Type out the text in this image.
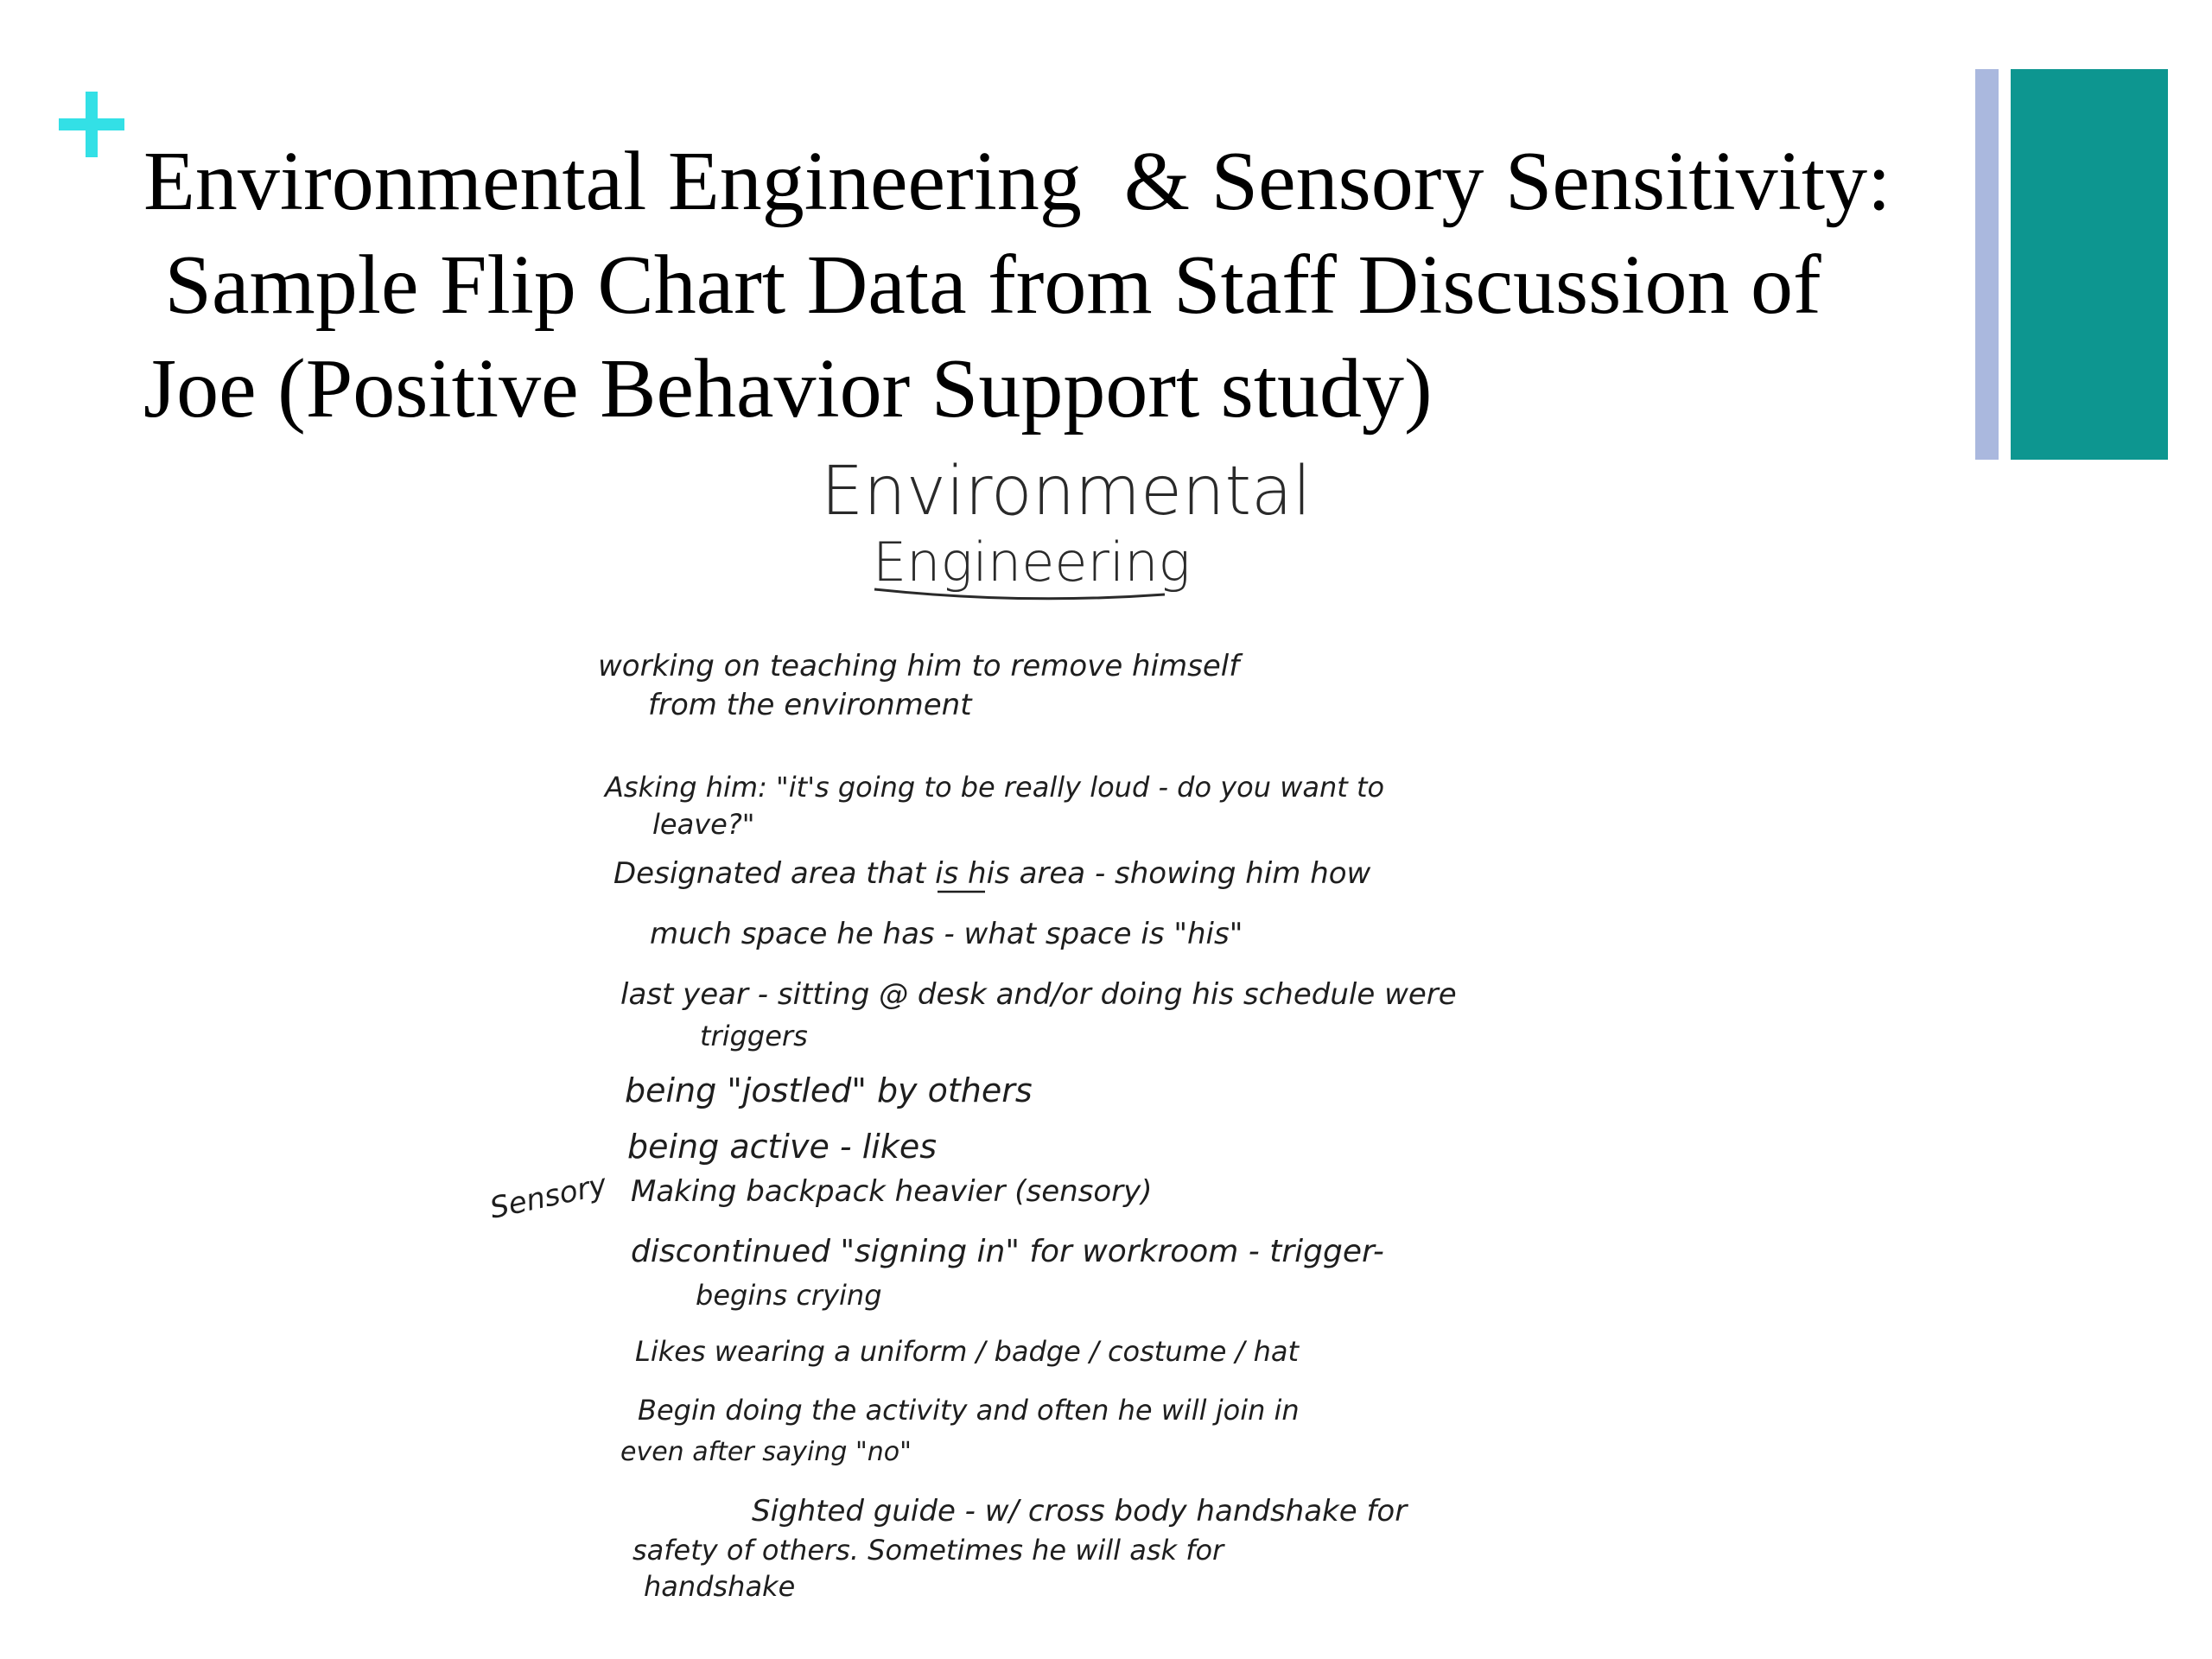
Environmental Engineering  & Sensory Sensitivity:
Sample Flip Chart Data from Staff Discussion of
Joe (Positive Behavior Support study)
Environmental
Engineering
Sensory
working on teaching him to remove himself
from the environment
Asking him: "it's going to be really loud - do you want to
leave?"
Designated area that is his area - showing him how
much space he has - what space is "his"
last year - sitting @ desk and/or doing his schedule were
triggers
being "jostled" by others
being active - likes
Making backpack heavier (sensory)
discontinued "signing in" for workroom - trigger-
begins crying
Likes wearing a uniform / badge / costume / hat
Begin doing the activity and often he will join in
even after saying "no"
Sighted guide - w/ cross body handshake for
safety of others. Sometimes he will ask for
handshake
